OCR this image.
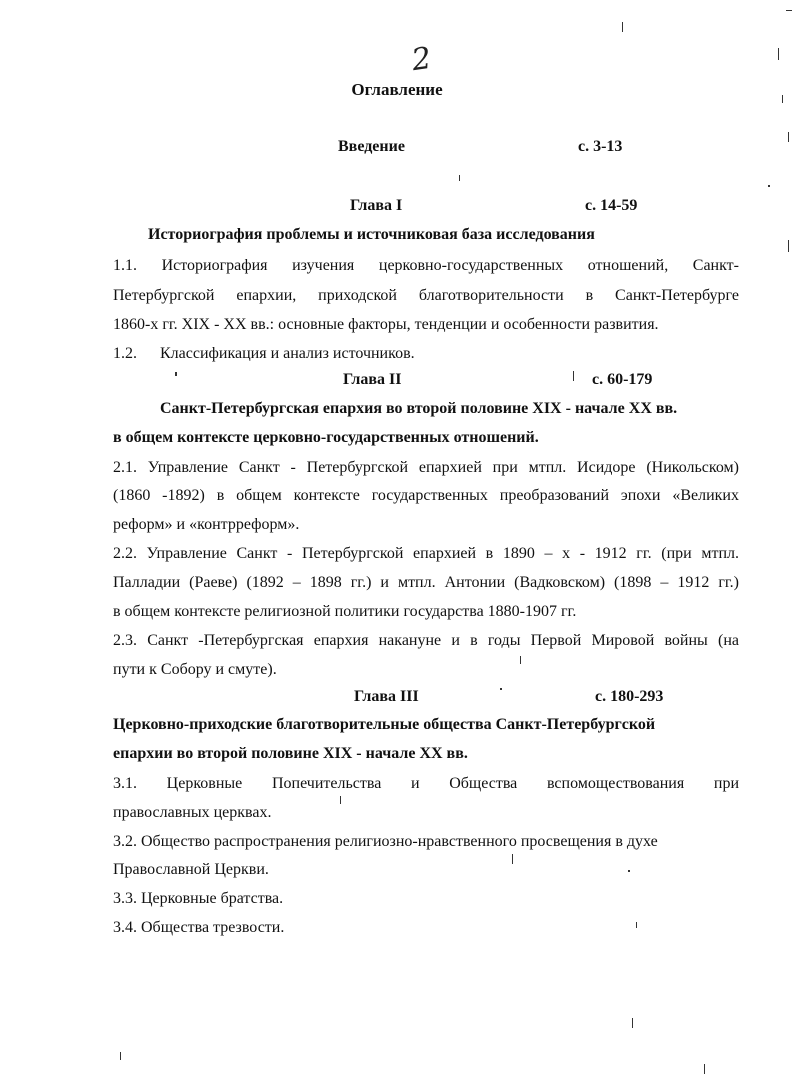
2
Оглавление
Введение	с. 3-13
Глава I	с. 14-59
Историография проблемы и источниковая база исследования
1.1. Историография изучения церковно-государственных отношений, Санкт-
Петербургской епархии, приходской благотворительности в Санкт-Петербурге
1860-х гг. XIX - XX вв.: основные факторы, тенденции и особенности развития.
1.2. Классификация и анализ источников.
Глава II	с. 60-179
Санкт-Петербургская епархия во второй половине XIX - начале XX вв.
в общем контексте церковно-государственных отношений.
2.1. Управление Санкт - Петербургской епархией при мтпл. Исидоре (Никольском)
(1860 -1892) в общем контексте государственных преобразований эпохи «Великих
реформ» и «контрреформ».
2.2. Управление Санкт - Петербургской епархией в 1890 – х - 1912 гг. (при мтпл.
Палладии (Раеве) (1892 – 1898 гг.) и мтпл. Антонии (Вадковском) (1898 – 1912 гг.)
в общем контексте религиозной политики государства 1880-1907 гг.
2.3. Санкт -Петербургская епархия накануне и в годы Первой Мировой войны (на
пути к Собору и смуте).
Глава III	с. 180-293
Церковно-приходские благотворительные общества Санкт-Петербургской
епархии во второй половине XIX - начале XX вв.
3.1. Церковные Попечительства и Общества вспомоществования при
православных церквах.
3.2. Общество распространения религиозно-нравственного просвещения в духе
Православной Церкви.
3.3. Церковные братства.
3.4. Общества трезвости.
